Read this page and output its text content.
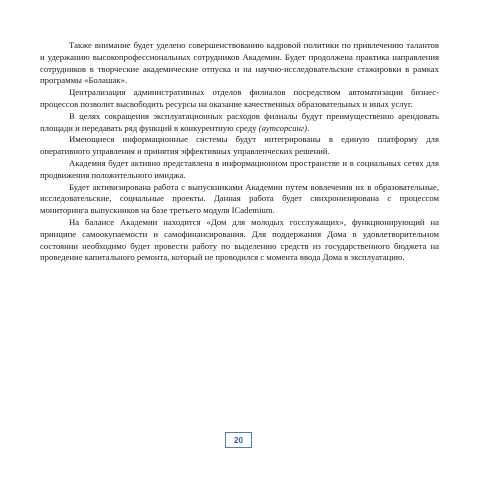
Также внимание будет уделено совершенствованию кадровой политики по привлечению талантов и удержанию высокопрофессиональных сотрудников Академии. Будет продолжена практика направления сотрудников в творческие академические отпуска и на научно-исследовательские стажировки в рамках программы «Болашак».

Централизация административных отделов филиалов посредством автоматизации бизнес-процессов позволит высвободить ресурсы на оказание качественных образовательных и иных услуг.

В целях сокращения эксплуатационных расходов филиалы будут преимущественно арендовать площади и передавать ряд функций в конкурентную среду (аутсорсинг).

Имеющиеся информационные системы будут интегрированы в единую платформу для оперативного управления и принятия эффективных управленческих решений.

Академия будет активно представлена в информационном пространстве и в социальных сетях для продвижения положительного имиджа.

Будет активизирована работа с выпускниками Академии путем вовлечения их в образовательные, исследовательские, социальные проекты. Данная работа будет синхронизирована с процессом мониторинга выпускников на базе третьего модуля ICademium.

На балансе Академии находится «Дом для молодых госслужащих», функционирующий на принципе самоокупаемости и самофинансирования. Для поддержания Дома в удовлетворительном состоянии необходимо будет провести работу по выделению средств из государственного бюджета на проведение капитального ремонта, который не проводился с момента ввода Дома в эксплуатацию.

20
